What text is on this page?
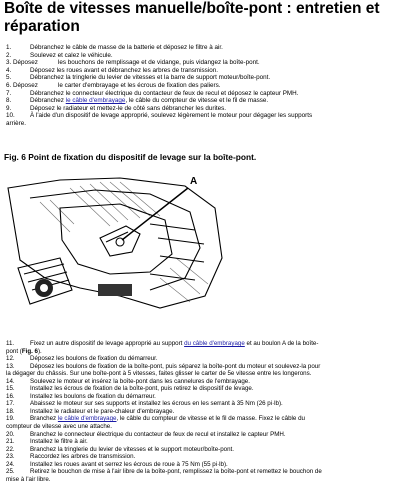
Boîte de vitesses manuelle/boîte-pont : entretien et
réparation
1.	Débranchez le câble de masse de la batterie et déposez le filtre à air.
2.	Soulevez et calez le véhicule.
3. Déposez	les bouchons de remplissage et de vidange, puis vidangez la boîte-pont.
4.	Déposez les roues avant et débranchez les arbres de transmission.
5.	Débranchez la tringlerie du levier de vitesses et la barre de support moteur/boîte-pont.
6. Déposez	le carter d'embrayage et les écrous de fixation des paliers.
7.	Débranchez le connecteur électrique du contacteur de feux de recul et déposez le capteur PMH.
8.	Débranchez le câble d'embrayage, le câble du compteur de vitesse et le fil de masse.
9.	Déposez le radiateur et mettez-le de côté sans débrancher les durites.
10.	À l'aide d'un dispositif de levage approprié, soulevez légèrement le moteur pour dégager les supports
arrière.
Fig. 6 Point de fixation du dispositif de levage sur la boîte-pont.
A
11.	Fixez un autre dispositif de levage approprié au support du câble d'embrayage et au boulon A de la boîte-
pont ( Fig. 6 ).
12.	Déposez les boulons de fixation du démarreur.
13.	Déposez les boulons de fixation de la boîte-pont, puis séparez la boîte-pont du moteur et soulevez-la pour
la dégager du châssis. Sur une boîte-pont à 5 vitesses, faites glisser le carter de 5e vitesse entre les longerons.
14.	Soulevez le moteur et insérez la boîte-pont dans les cannelures de l'embrayage.
15.	Installez les écrous de fixation de la boîte-pont, puis retirez le dispositif de levage.
16.	Installez les boulons de fixation du démarreur.
17.	Abaissez le moteur sur ses supports et installez les écrous en les serrant à 35 Nm (26 pi·lb).
18.	Installez le radiateur et le pare-chaleur d'embrayage.
19.	Branchez le câble d'embrayage, le câble du compteur de vitesse et le fil de masse. Fixez le câble du
compteur de vitesse avec une attache.
20.	Branchez le connecteur électrique du contacteur de feux de recul et installez le capteur PMH.
21.	Installez le filtre à air.
22.	Branchez la tringlerie du levier de vitesses et le support moteur/boîte-pont.
23.	Raccordez les arbres de transmission.
24.	Installez les roues avant et serrez les écrous de roue à 75 Nm (55 pi·lb).
25.	Retirez le bouchon de mise à l'air libre de la boîte-pont, remplissez la boîte-pont et remettez le bouchon de
mise à l'air libre.
